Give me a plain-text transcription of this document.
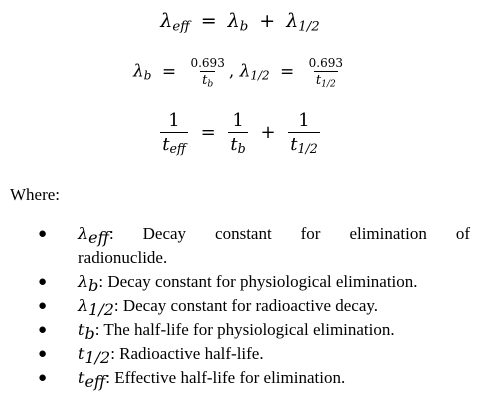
$\lambda_{eff} = \lambda_b + \lambda_{1/2}$
$\lambda_b = \frac{0.693}{t_b}$ , $\lambda_{1/2} = \frac{0.693}{t_{1/2}}$
$\frac{1}{t_{eff}} = \frac{1}{t_b} + \frac{1}{t_{1/2}}$
Where:
● $\lambda_{eff}$: Decay constant for elimination of
radionuclide.
● $\lambda_b$: Decay constant for physiological elimination.
● $\lambda_{1/2}$: Decay constant for radioactive decay.
● $t_b$: The half-life for physiological elimination.
● $t_{1/2}$: Radioactive half-life.
● $t_{eff}$: Effective half-life for elimination.
